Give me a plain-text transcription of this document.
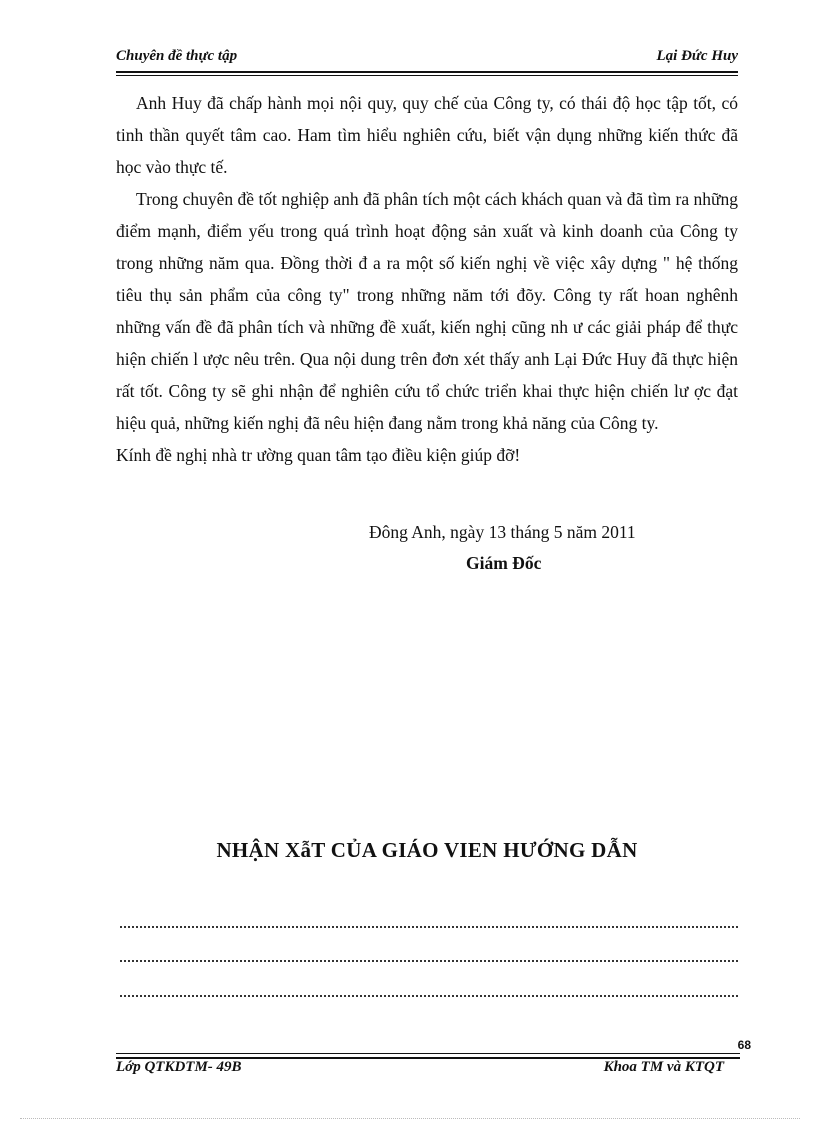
Chuyên đề thực tập	Lại Đức Huy

Anh Huy đã chấp hành mọi nội quy, quy chế của Công ty, có thái độ học tập tốt, có tinh thần quyết tâm cao. Ham tìm hiểu nghiên cứu, biết vận dụng những kiến thức đã học vào thực tế.

Trong chuyên đề tốt nghiệp anh đã phân tích một cách khách quan và đã tìm ra những điểm mạnh, điểm yếu trong quá trình hoạt động sản xuất và kinh doanh của Công ty trong những năm qua. Đồng thời đ a ra một số kiến nghị về việc xây dựng " hệ thống tiêu thụ sản phẩm của công ty" trong những năm tới đõy. Công ty rất hoan nghênh những vấn đề đã phân tích và những đề xuất, kiến nghị cũng nh ư các giải pháp để thực hiện chiến l ược nêu trên. Qua nội dung trên đơn xét thấy anh Lại Đức Huy đã thực hiện rất tốt. Công ty sẽ ghi nhận để nghiên cứu tổ chức triển khai thực hiện chiến lư ợc đạt hiệu quả, những kiến nghị đã nêu hiện đang nằm trong khả năng của Công ty.

Kính đề nghị nhà tr ường quan tâm tạo điều kiện giúp đỡ!

Đông Anh, ngày 13 tháng 5 năm 2011
Giám Đốc
NHẬN XẫT CỦA GIÁO VIEN HƯỚNG DẪN
68
Lớp QTKDTM- 49B	Khoa TM và KTQT
